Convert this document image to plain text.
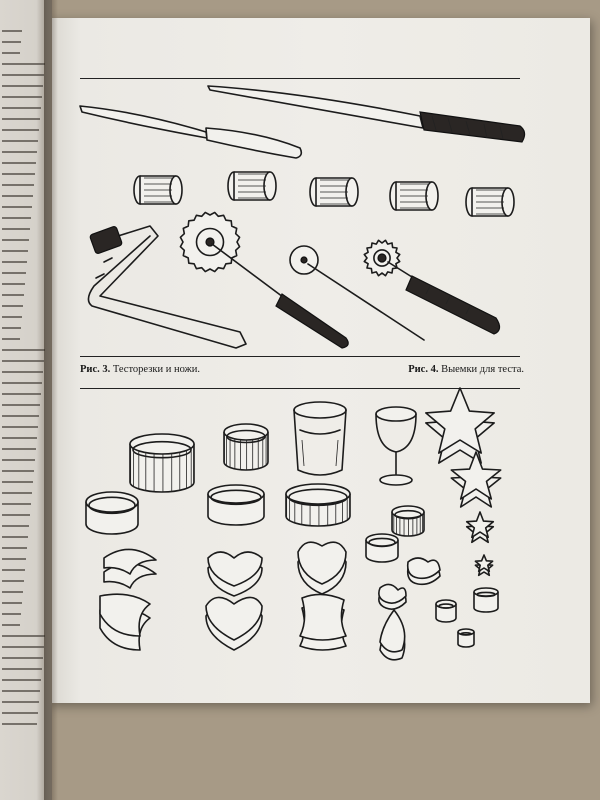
Рис. 3. Тесторезки и ножи.	Рис. 4. Выемки для теста.
